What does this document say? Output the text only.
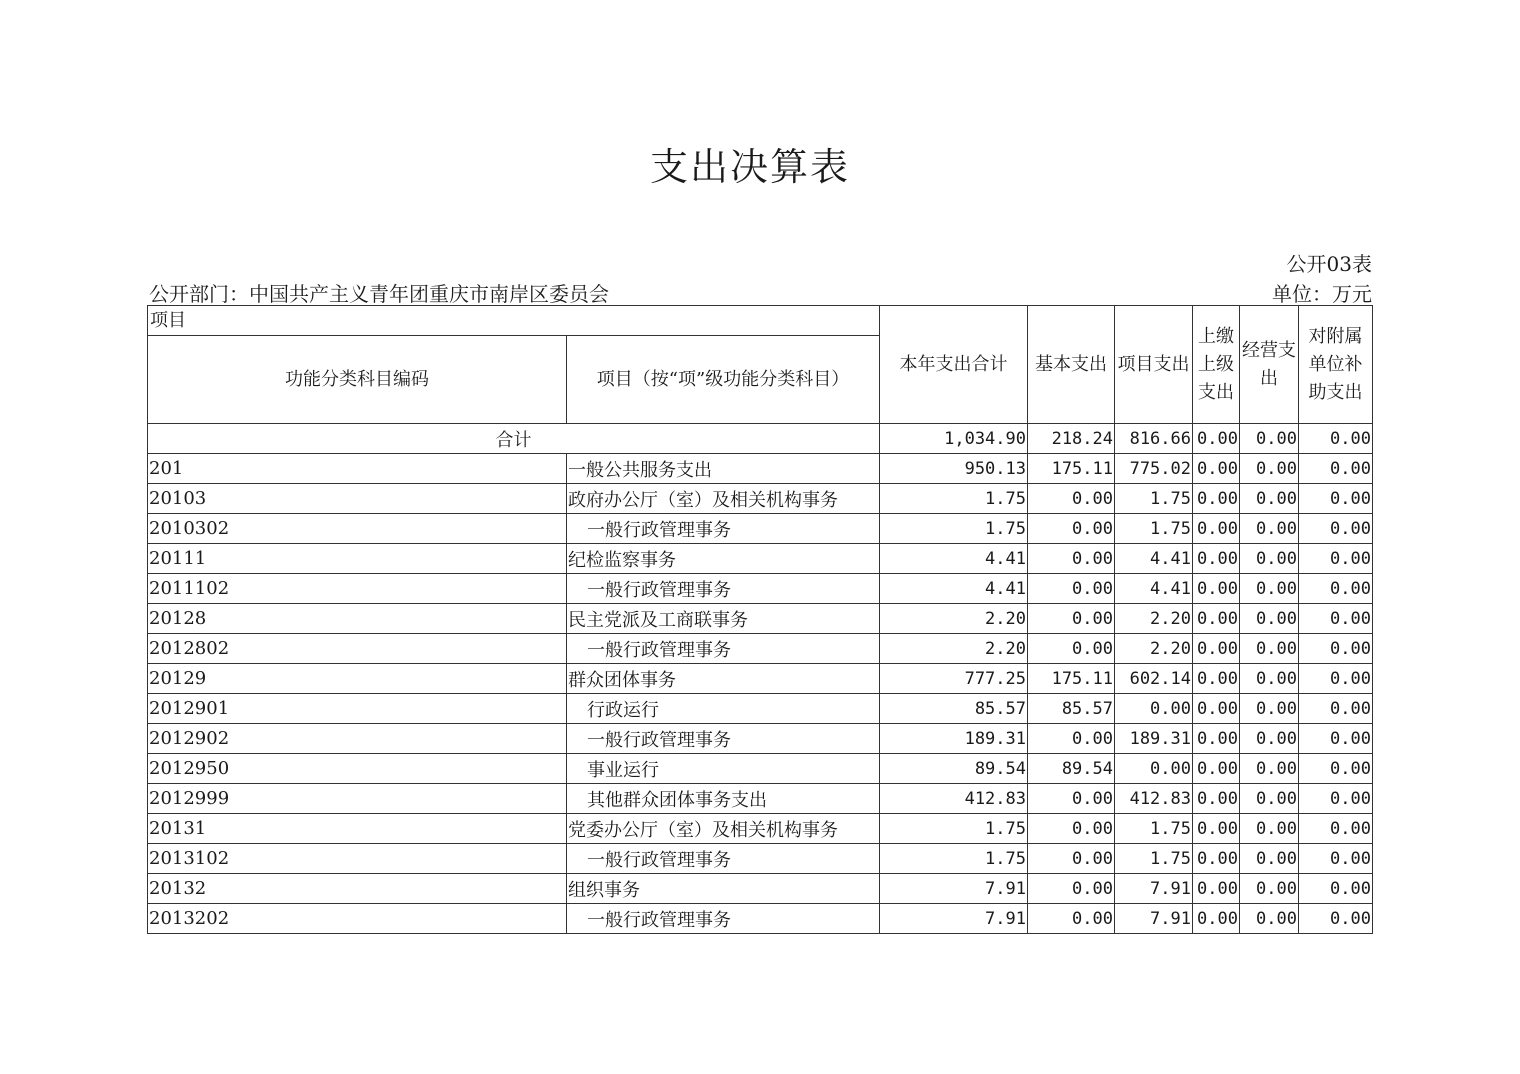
支出决算表
公开03表
公开部门：中国共产主义青年团重庆市南岸区委员会	单位：万元
项目		本年支出合计	基本支出	项目支出	上缴上级支出	经营支出	对附属单位补助支出
功能分类科目编码	项目（按“项”级功能分类科目）						
合计		1,034.90	218.24	816.66	0.00	0.00	0.00
201	一般公共服务支出	950.13	175.11	775.02	0.00	0.00	0.00
20103	政府办公厅（室）及相关机构事务	1.75	0.00	1.75	0.00	0.00	0.00
2010302	一般行政管理事务	1.75	0.00	1.75	0.00	0.00	0.00
20111	纪检监察事务	4.41	0.00	4.41	0.00	0.00	0.00
2011102	一般行政管理事务	4.41	0.00	4.41	0.00	0.00	0.00
20128	民主党派及工商联事务	2.20	0.00	2.20	0.00	0.00	0.00
2012802	一般行政管理事务	2.20	0.00	2.20	0.00	0.00	0.00
20129	群众团体事务	777.25	175.11	602.14	0.00	0.00	0.00
2012901	行政运行	85.57	85.57	0.00	0.00	0.00	0.00
2012902	一般行政管理事务	189.31	0.00	189.31	0.00	0.00	0.00
2012950	事业运行	89.54	89.54	0.00	0.00	0.00	0.00
2012999	其他群众团体事务支出	412.83	0.00	412.83	0.00	0.00	0.00
20131	党委办公厅（室）及相关机构事务	1.75	0.00	1.75	0.00	0.00	0.00
2013102	一般行政管理事务	1.75	0.00	1.75	0.00	0.00	0.00
20132	组织事务	7.91	0.00	7.91	0.00	0.00	0.00
2013202	一般行政管理事务	7.91	0.00	7.91	0.00	0.00	0.00
